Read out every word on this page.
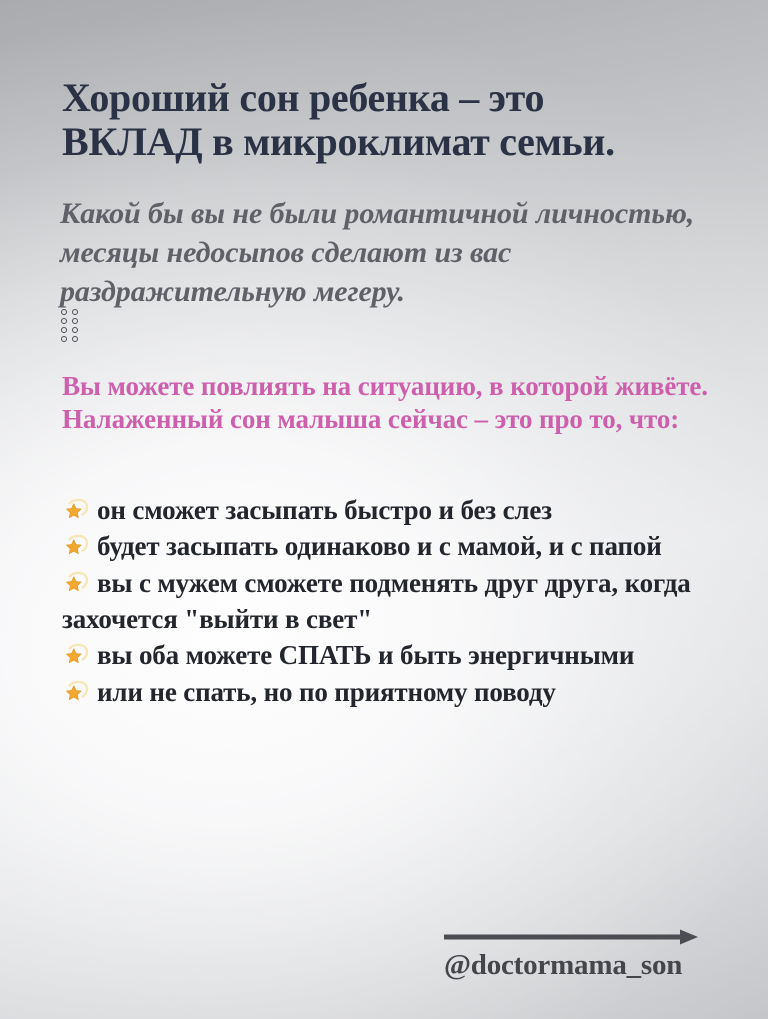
Хороший сон ребенка – это
ВКЛАД в микроклимат семьи.

Какой бы вы не были романтичной личностью, месяцы недосыпов сделают из вас раздражительную мегеру.

Вы можете повлиять на ситуацию, в которой живёте. Налаженный сон малыша сейчас – это про то, что:

он сможет засыпать быстро и без слез
будет засыпать одинаково и с мамой, и с папой
вы с мужем сможете подменять друг друга, когда захочется "выйти в свет"
вы оба можете СПАТЬ и быть энергичными
или не спать, но по приятному поводу

@doctormama_son
